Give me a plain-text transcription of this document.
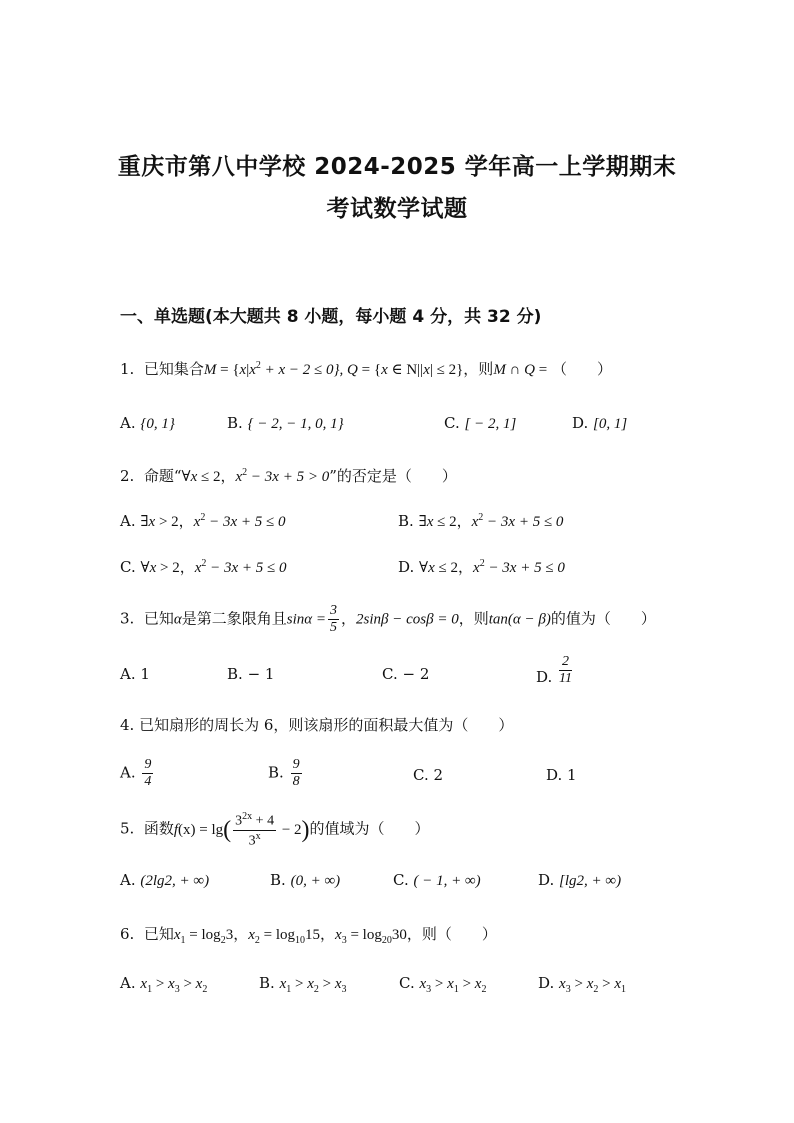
重庆市第八中学校 2024-2025 学年高一上学期期末
考试数学试题
一、单选题(本大题共 8 小题，每小题 4 分，共 32 分)
1. 已知集合$M = \{x|x^2 + x - 2 \le 0\}$, Q = {x ∈ N||x| ≤ 2}，则M ∩ Q = （　　）
A. {0, 1}	B. { − 2, − 1, 0, 1}	C. [ − 2, 1]	D. [0, 1]
2. 命题“∀x ≤ 2，$x^2 - 3x + 5 > 0$”的否定是（　　）
A. ∃x > 2，$x^2 - 3x + 5 \le 0$	B. ∃x ≤ 2，$x^2 - 3x + 5 \le 0$
C. ∀x > 2，$x^2 - 3x + 5 \le 0$	D. ∀x ≤ 2，$x^2 - 3x + 5 \le 0$
3. 已知α是第二象限角且$\sin\alpha = \frac{3}{5}$ ，2sinβ − cosβ = 0，则tan(α − β)的值为（　　）
A. 1	B. − 1	C. − 2	D. $\frac{2}{11}$
4. 已知扇形的周长为 6，则该扇形的面积最大值为（　　）
A. $\frac{9}{4}$	B. $\frac{9}{8}$	C. 2	D. 1
5. 函数$f(x) = \lg( \frac{3^{2x} + 4}{3^x} - 2)$的值域为（　　）
A. (2lg2, + ∞)	B. (0, + ∞)	C. ( − 1, + ∞)	D. [lg2, + ∞)
6. 已知$x_1 = \log_23$，$x_2 = \log_{10}15$，$x_3 = \log_{20}30$，则（　　）
A. $x_1 > x_3 > x_2$	B. $x_1 > x_2 > x_3$	C. $x_3 > x_1 > x_2$	D. $x_3 > x_2 > x_1$
